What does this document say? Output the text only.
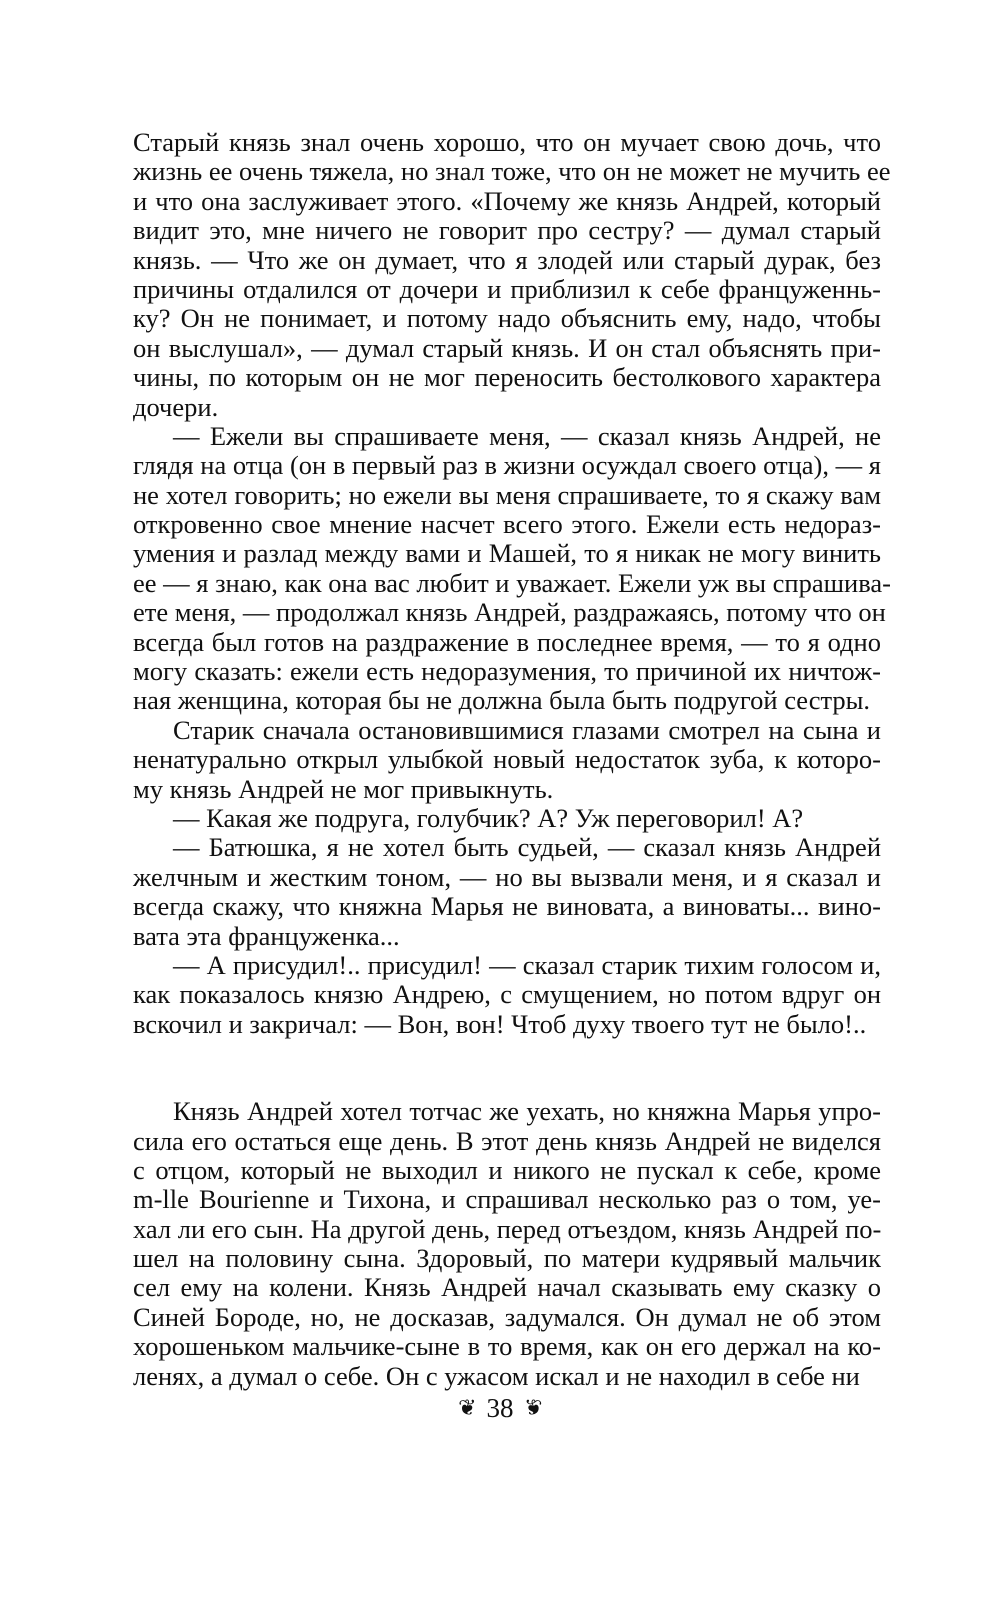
Старый князь знал очень хорошо, что он мучает свою дочь, что
жизнь ее очень тяжела, но знал тоже, что он не может не мучить ее
и что она заслуживает этого. «Почему же князь Андрей, который
видит это, мне ничего не говорит про сестру? — думал старый
князь. — Что же он думает, что я злодей или старый дурак, без
причины отдалился от дочери и приблизил к себе француженнь-
ку? Он не понимает, и потому надо объяснить ему, надо, чтобы
он выслушал», — думал старый князь. И он стал объяснять при-
чины, по которым он не мог переносить бестолкового характера
дочери.
— Ежели вы спрашиваете меня, — сказал князь Андрей, не
глядя на отца (он в первый раз в жизни осуждал своего отца), — я
не хотел говорить; но ежели вы меня спрашиваете, то я скажу вам
откровенно свое мнение насчет всего этого. Ежели есть недораз-
умения и разлад между вами и Машей, то я никак не могу винить
ее — я знаю, как она вас любит и уважает. Ежели уж вы спрашива-
ете меня, — продолжал князь Андрей, раздражаясь, потому что он
всегда был готов на раздражение в последнее время, — то я одно
могу сказать: ежели есть недоразумения, то причиной их ничтож-
ная женщина, которая бы не должна была быть подругой сестры.
Старик сначала остановившимися глазами смотрел на сына и
ненатурально открыл улыбкой новый недостаток зуба, к которо-
му князь Андрей не мог привыкнуть.
— Какая же подруга, голубчик? А? Уж переговорил! А?
— Батюшка, я не хотел быть судьей, — сказал князь Андрей
желчным и жестким тоном, — но вы вызвали меня, и я сказал и
всегда скажу, что княжна Марья не виновата, а виноваты... вино-
вата эта француженка...
— А присудил!.. присудил! — сказал старик тихим голосом и,
как показалось князю Андрею, с смущением, но потом вдруг он
вскочил и закричал: — Вон, вон! Чтоб духу твоего тут не было!..
Князь Андрей хотел тотчас же уехать, но княжна Марья упро-
сила его остаться еще день. В этот день князь Андрей не виделся
с отцом, который не выходил и никого не пускал к себе, кроме
m-lle Bourienne и Тихона, и спрашивал несколько раз о том, уе-
хал ли его сын. На другой день, перед отъездом, князь Андрей по-
шел на половину сына. Здоровый, по матери кудрявый мальчик
сел ему на колени. Князь Андрей начал сказывать ему сказку о
Синей Бороде, но, не досказав, задумался. Он думал не об этом
хорошеньком мальчике-сыне в то время, как он его держал на ко-
ленях, а думал о себе. Он с ужасом искал и не находил в себе ни
❦ 38 ❦
